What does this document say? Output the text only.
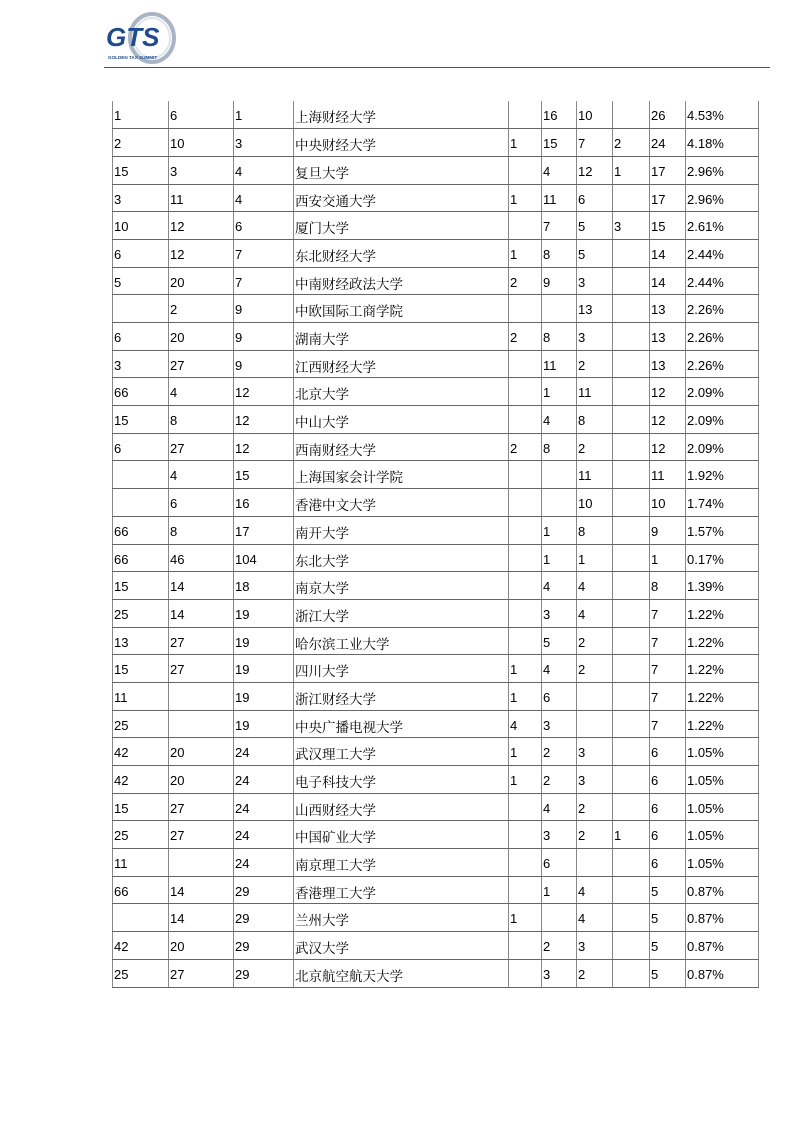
GTS
GOLDEN TAX SUMMIT
1	6	1	上海财经大学		16	10		26	4.53%
2	10	3	中央财经大学	1	15	7	2	24	4.18%
15	3	4	复旦大学		4	12	1	17	2.96%
3	11	4	西安交通大学	1	11	6		17	2.96%
10	12	6	厦门大学		7	5	3	15	2.61%
6	12	7	东北财经大学	1	8	5		14	2.44%
5	20	7	中南财经政法大学	2	9	3		14	2.44%
	2	9	中欧国际工商学院			13		13	2.26%
6	20	9	湖南大学	2	8	3		13	2.26%
3	27	9	江西财经大学		11	2		13	2.26%
66	4	12	北京大学		1	11		12	2.09%
15	8	12	中山大学		4	8		12	2.09%
6	27	12	西南财经大学	2	8	2		12	2.09%
	4	15	上海国家会计学院			11		11	1.92%
	6	16	香港中文大学			10		10	1.74%
66	8	17	南开大学		1	8		9	1.57%
66	46	104	东北大学		1	1		1	0.17%
15	14	18	南京大学		4	4		8	1.39%
25	14	19	浙江大学		3	4		7	1.22%
13	27	19	哈尔滨工业大学		5	2		7	1.22%
15	27	19	四川大学	1	4	2		7	1.22%
11		19	浙江财经大学	1	6			7	1.22%
25		19	中央广播电视大学	4	3			7	1.22%
42	20	24	武汉理工大学	1	2	3		6	1.05%
42	20	24	电子科技大学	1	2	3		6	1.05%
15	27	24	山西财经大学		4	2		6	1.05%
25	27	24	中国矿业大学		3	2	1	6	1.05%
11		24	南京理工大学		6			6	1.05%
66	14	29	香港理工大学		1	4		5	0.87%
	14	29	兰州大学	1		4		5	0.87%
42	20	29	武汉大学		2	3		5	0.87%
25	27	29	北京航空航天大学		3	2		5	0.87%
